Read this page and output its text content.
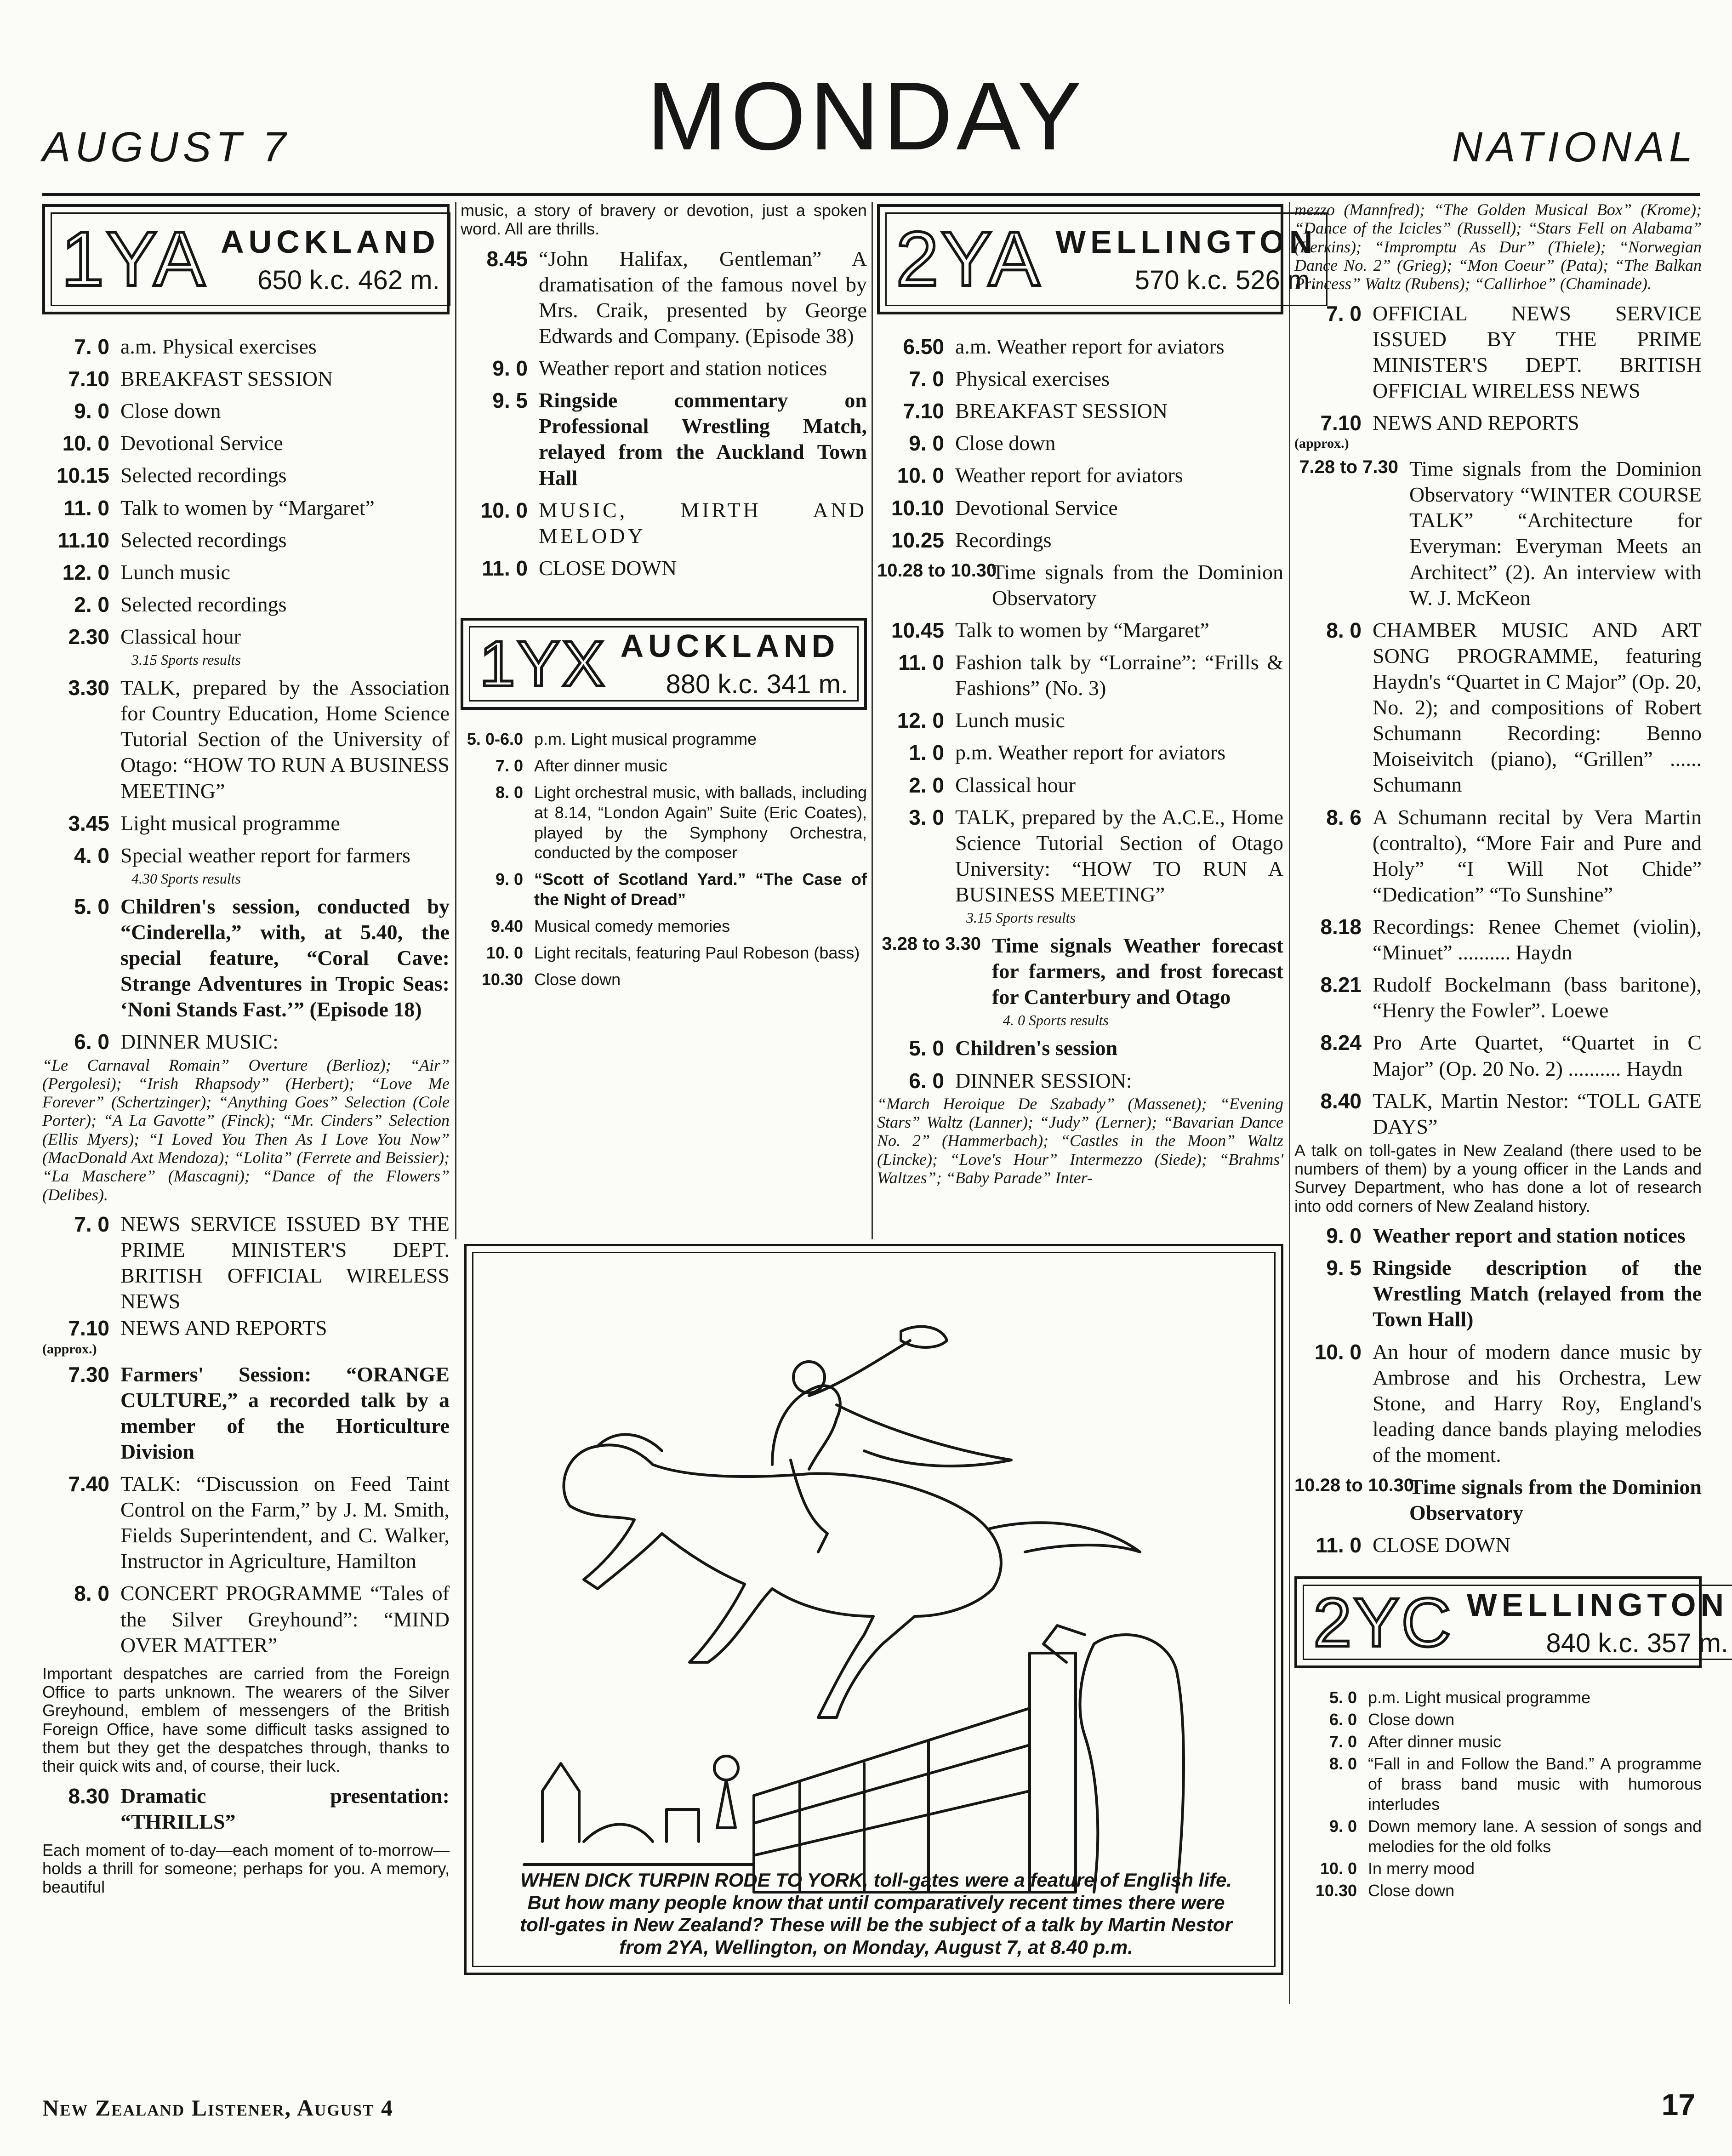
AUGUST 7	MONDAY	NATIONAL
1YA AUCKLAND
650 k.c. 462 m.
7. 0 a.m. Physical exercises
7.10 BREAKFAST SESSION
9. 0 Close down
10. 0 Devotional Service
10.15 Selected recordings
11. 0 Talk to women by “Margaret”
11.10 Selected recordings
12. 0 Lunch music
2. 0 Selected recordings
2.30 Classical hour
3.15 Sports results
3.30 TALK, prepared by the Association for Country Education, Home Science Tutorial Section of the University of Otago: “HOW TO RUN A BUSINESS MEETING”
3.45 Light musical programme
4. 0 Special weather report for farmers
4.30 Sports results
5. 0 Children's session, conducted by “Cinderella,” with, at 5.40, the special feature, “Coral Cave: Strange Adventures in Tropic Seas: ‘Noni Stands Fast.’” (Episode 18)
6. 0 DINNER MUSIC:
“Le Carnaval Romain” Overture (Berlioz); “Air” (Pergolesi); “Irish Rhapsody” (Herbert); “Love Me Forever” (Schertzinger); “Anything Goes” Selection (Cole Porter); “A La Gavotte” (Finck); “Mr. Cinders” Selection (Ellis Myers); “I Loved You Then As I Love You Now” (MacDonald Axt Mendoza); “Lolita” (Ferrete and Beissier); “La Maschere” (Mascagni); “Dance of the Flowers” (Delibes).
7. 0 NEWS SERVICE ISSUED BY THE PRIME MINISTER'S DEPT. BRITISH OFFICIAL WIRELESS NEWS
7.10 NEWS AND REPORTS
(approx.)
7.30 Farmers' Session: “ORANGE CULTURE,” a recorded talk by a member of the Horticulture Division
7.40 TALK: “Discussion on Feed Taint Control on the Farm,” by J. M. Smith, Fields Superintendent, and C. Walker, Instructor in Agriculture, Hamilton
8. 0 CONCERT PROGRAMME “Tales of the Silver Greyhound”: “MIND OVER MATTER”
Important despatches are carried from the Foreign Office to parts unknown. The wearers of the Silver Greyhound, emblem of messengers of the British Foreign Office, have some difficult tasks assigned to them but they get the despatches through, thanks to their quick wits and, of course, their luck.
8.30 Dramatic presentation: “THRILLS”
Each moment of to-day—each moment of to-morrow—holds a thrill for someone; perhaps for you. A memory, beautiful
music, a story of bravery or devotion, just a spoken word. All are thrills.
8.45 “John Halifax, Gentleman” A dramatisation of the famous novel by Mrs. Craik, presented by George Edwards and Company. (Episode 38)
9. 0 Weather report and station notices
9. 5 Ringside commentary on Professional Wrestling Match, relayed from the Auckland Town Hall
10. 0 MUSIC, MIRTH AND MELODY
11. 0 CLOSE DOWN
1YX AUCKLAND
880 k.c. 341 m.
5. 0-6.0 p.m. Light musical programme
7. 0 After dinner music
8. 0 Light orchestral music, with ballads, including at 8.14, “London Again” Suite (Eric Coates), played by the Symphony Orchestra, conducted by the composer
9. 0 “Scott of Scotland Yard.” “The Case of the Night of Dread”
9.40 Musical comedy memories
10. 0 Light recitals, featuring Paul Robeson (bass)
10.30 Close down
2YA WELLINGTON
570 k.c. 526 m.
6.50 a.m. Weather report for aviators
7. 0 Physical exercises
7.10 BREAKFAST SESSION
9. 0 Close down
10. 0 Weather report for aviators
10.10 Devotional Service
10.25 Recordings
10.28 to 10.30
Time signals from the Dominion Observatory
10.45 Talk to women by “Margaret”
11. 0 Fashion talk by “Lorraine”: “Frills & Fashions” (No. 3)
12. 0 Lunch music
1. 0 p.m. Weather report for aviators
2. 0 Classical hour
3. 0 TALK, prepared by the A.C.E., Home Science Tutorial Section of Otago University: “HOW TO RUN A BUSINESS MEETING”
3.15 Sports results
3.28 to 3.30 Time signals Weather forecast for farmers, and frost forecast for Canterbury and Otago
4. 0 Sports results
5. 0 Children's session
6. 0 DINNER SESSION:
“March Heroique De Szabady” (Massenet); “Evening Stars” Waltz (Lanner); “Judy” (Lerner); “Bavarian Dance No. 2” (Hammerbach); “Castles in the Moon” Waltz (Lincke); “Love's Hour” Intermezzo (Siede); “Brahms' Waltzes”; “Baby Parade” Inter-
mezzo (Mannfred); “The Golden Musical Box” (Krome); “Dance of the Icicles” (Russell); “Stars Fell on Alabama” (Perkins); “Impromptu As Dur” (Thiele); “Norwegian Dance No. 2” (Grieg); “Mon Coeur” (Pata); “The Balkan Princess” Waltz (Rubens); “Callirhoe” (Chaminade).
7. 0 OFFICIAL NEWS SERVICE ISSUED BY THE PRIME MINISTER'S DEPT. BRITISH OFFICIAL WIRELESS NEWS
7.10 NEWS AND REPORTS
(approx.)
7.28 to 7.30 Time signals from the Dominion Observatory “WINTER COURSE TALK” “Architecture for Everyman: Everyman Meets an Architect” (2). An interview with W. J. McKeon
8. 0 CHAMBER MUSIC AND ART SONG PROGRAMME, featuring Haydn's “Quartet in C Major” (Op. 20, No. 2); and compositions of Robert Schumann Recording: Benno Moiseivitch (piano), “Grillen” ...... Schumann
8. 6 A Schumann recital by Vera Martin (contralto), “More Fair and Pure and Holy” “I Will Not Chide” “Dedication” “To Sunshine”
8.18 Recordings: Renee Chemet (violin), “Minuet” .......... Haydn
8.21 Rudolf Bockelmann (bass baritone), “Henry the Fowler”. Loewe
8.24 Pro Arte Quartet, “Quartet in C Major” (Op. 20 No. 2) .......... Haydn
8.40 TALK, Martin Nestor: “TOLL GATE DAYS”
A talk on toll-gates in New Zealand (there used to be numbers of them) by a young officer in the Lands and Survey Department, who has done a lot of research into odd corners of New Zealand history.
9. 0 Weather report and station notices
9. 5 Ringside description of the Wrestling Match (relayed from the Town Hall)
10. 0 An hour of modern dance music by Ambrose and his Orchestra, Lew Stone, and Harry Roy, England's leading dance bands playing melodies of the moment.
10.28 to 10.30
Time signals from the Dominion Observatory
11. 0 CLOSE DOWN
2YC WELLINGTON
840 k.c. 357 m.
5. 0 p.m. Light musical programme
6. 0 Close down
7. 0 After dinner music
8. 0 “Fall in and Follow the Band.” A programme of brass band music with humorous interludes
9. 0 Down memory lane. A session of songs and melodies for the old folks
10. 0 In merry mood
10.30 Close down
WHEN DICK TURPIN RODE TO YORK, toll-gates were a feature of English life. But how many people know that until comparatively recent times there were toll-gates in New Zealand? These will be the subject of a talk by Martin Nestor from 2YA, Wellington, on Monday, August 7, at 8.40 p.m.
New Zealand Listener, August 4	17
